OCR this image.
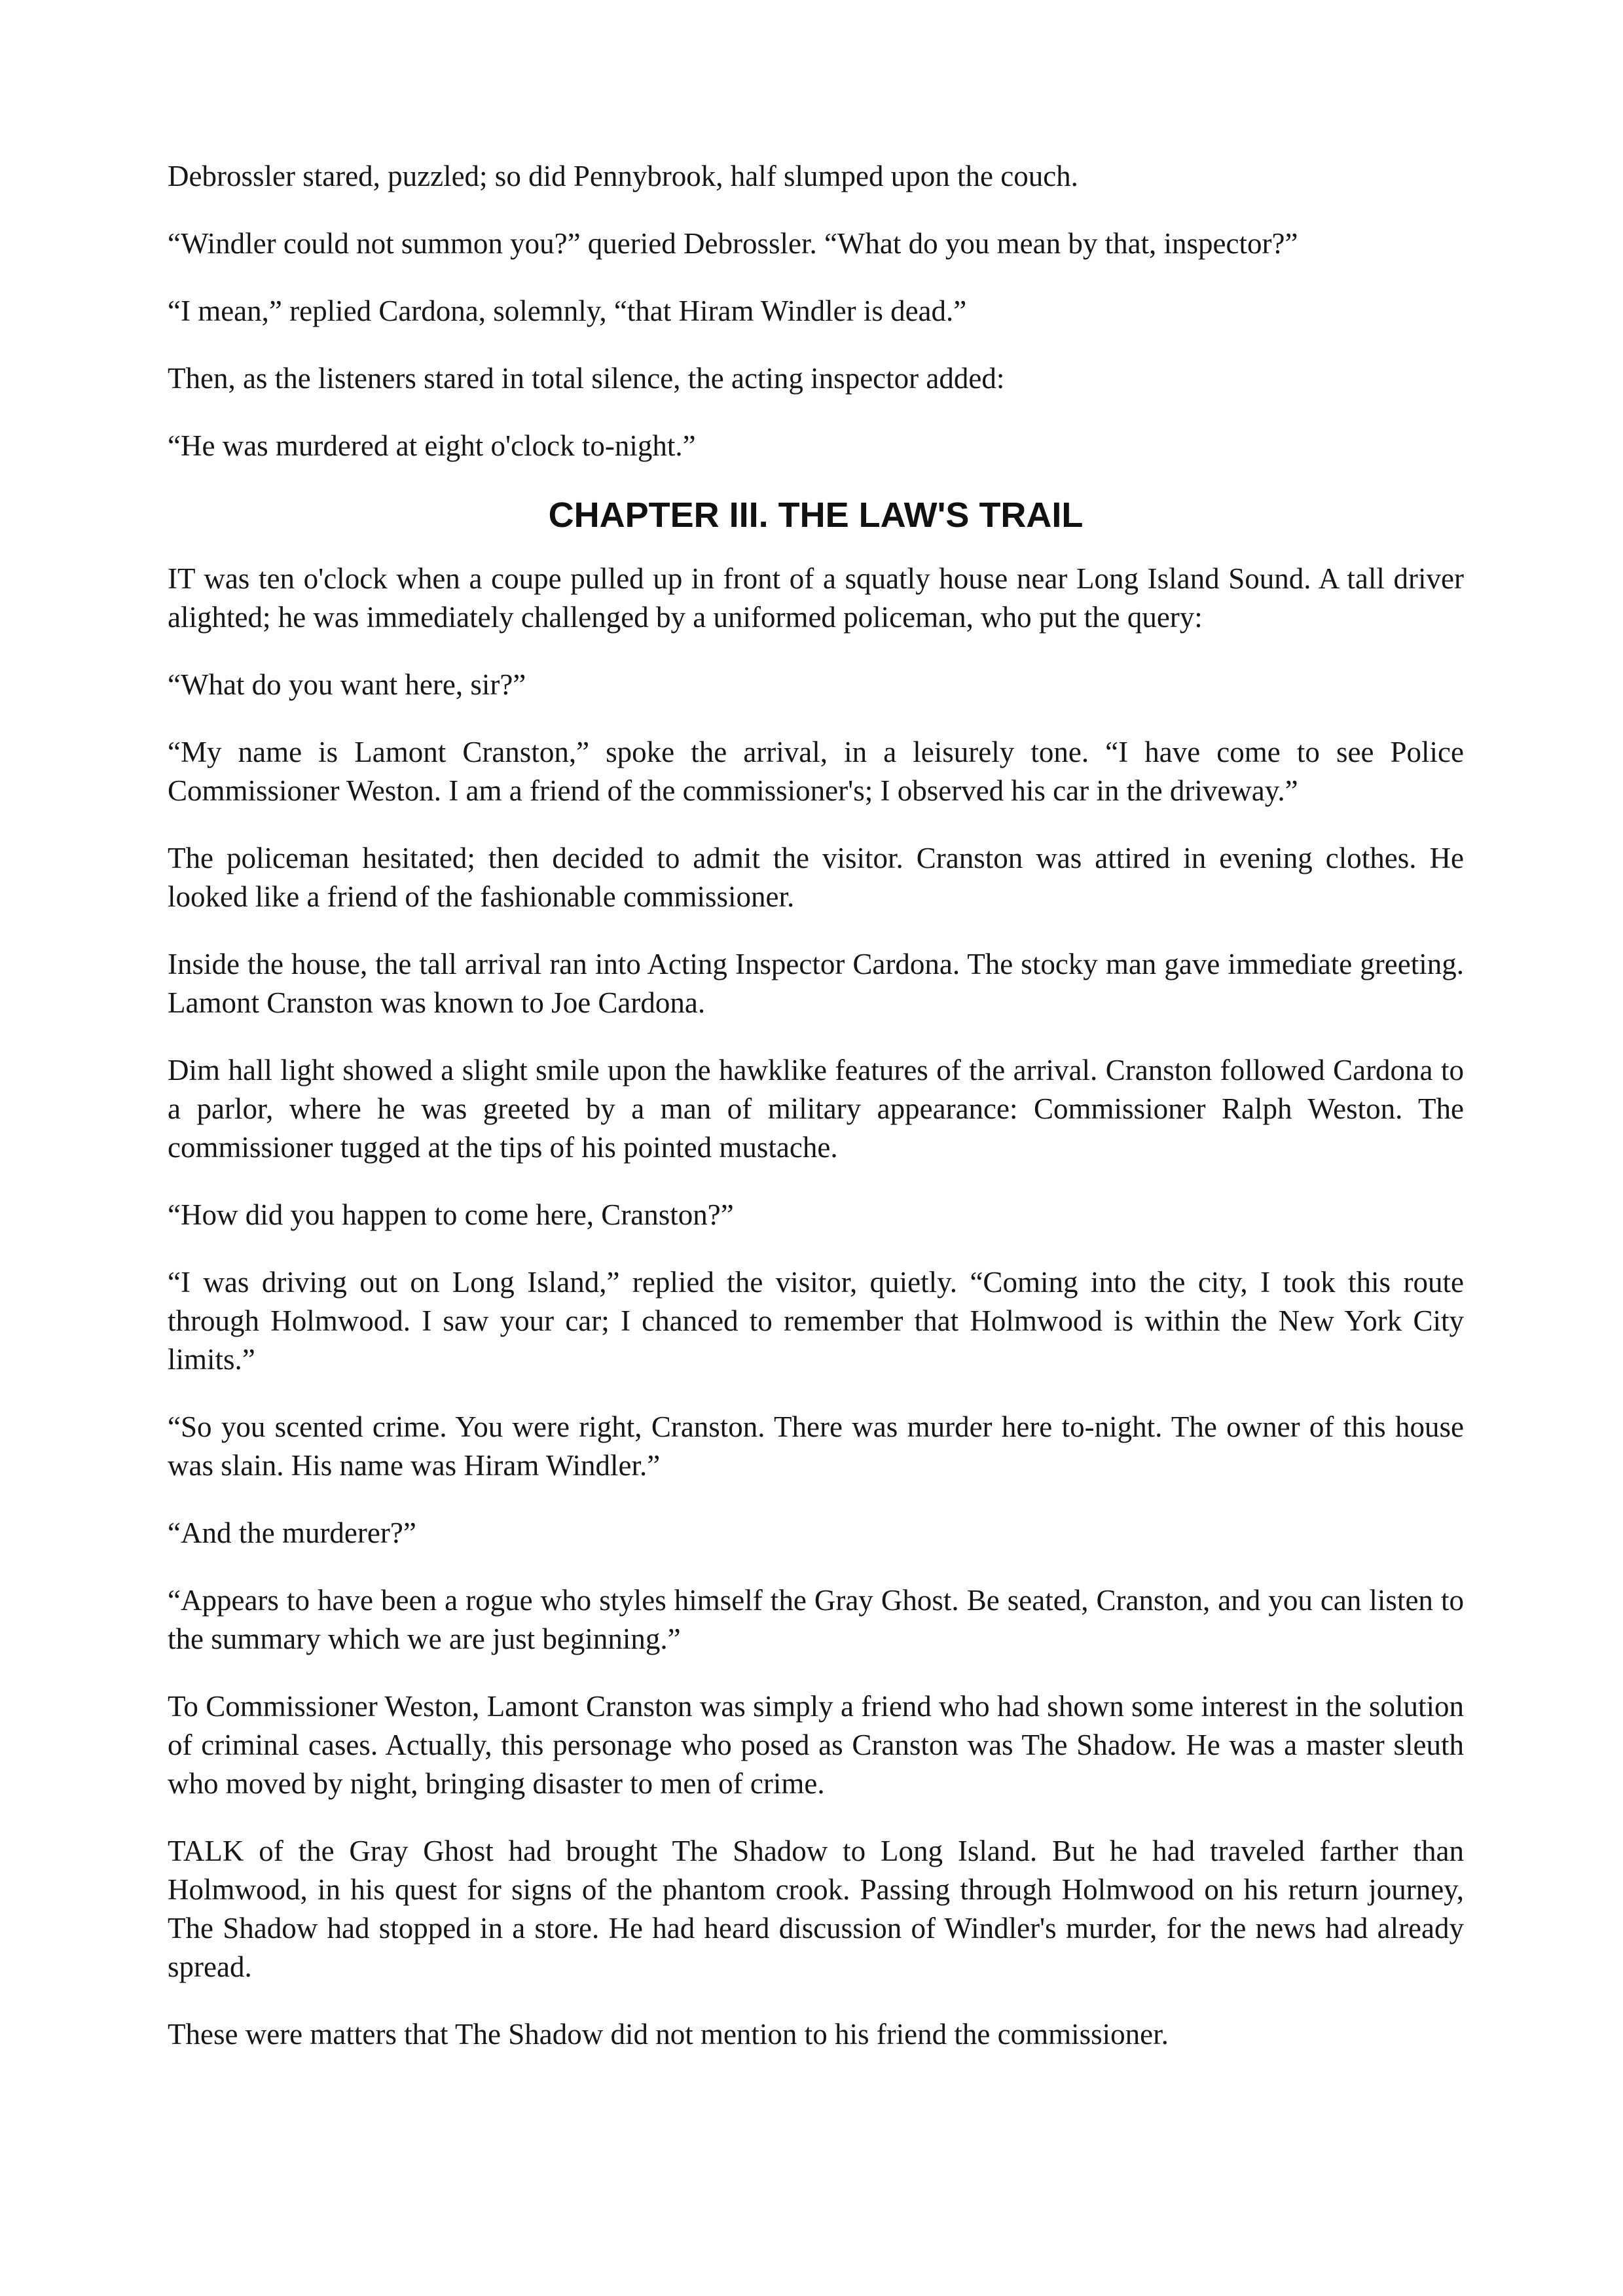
Debrossler stared, puzzled; so did Pennybrook, half slumped upon the couch.

“Windler could not summon you?” queried Debrossler. “What do you mean by that, inspector?”

“I mean,” replied Cardona, solemnly, “that Hiram Windler is dead.”

Then, as the listeners stared in total silence, the acting inspector added:

“He was murdered at eight o'clock to-night.”

CHAPTER III. THE LAW'S TRAIL

IT was ten o'clock when a coupe pulled up in front of a squatly house near Long Island Sound. A tall driver alighted; he was immediately challenged by a uniformed policeman, who put the query:

“What do you want here, sir?”

“My name is Lamont Cranston,” spoke the arrival, in a leisurely tone. “I have come to see Police Commissioner Weston. I am a friend of the commissioner's; I observed his car in the driveway.”

The policeman hesitated; then decided to admit the visitor. Cranston was attired in evening clothes. He looked like a friend of the fashionable commissioner.

Inside the house, the tall arrival ran into Acting Inspector Cardona. The stocky man gave immediate greeting. Lamont Cranston was known to Joe Cardona.

Dim hall light showed a slight smile upon the hawklike features of the arrival. Cranston followed Cardona to a parlor, where he was greeted by a man of military appearance: Commissioner Ralph Weston. The commissioner tugged at the tips of his pointed mustache.

“How did you happen to come here, Cranston?”

“I was driving out on Long Island,” replied the visitor, quietly. “Coming into the city, I took this route through Holmwood. I saw your car; I chanced to remember that Holmwood is within the New York City limits.”

“So you scented crime. You were right, Cranston. There was murder here to-night. The owner of this house was slain. His name was Hiram Windler.”

“And the murderer?”

“Appears to have been a rogue who styles himself the Gray Ghost. Be seated, Cranston, and you can listen to the summary which we are just beginning.”

To Commissioner Weston, Lamont Cranston was simply a friend who had shown some interest in the solution of criminal cases. Actually, this personage who posed as Cranston was The Shadow. He was a master sleuth who moved by night, bringing disaster to men of crime.

TALK of the Gray Ghost had brought The Shadow to Long Island. But he had traveled farther than Holmwood, in his quest for signs of the phantom crook. Passing through Holmwood on his return journey, The Shadow had stopped in a store. He had heard discussion of Windler's murder, for the news had already spread.

These were matters that The Shadow did not mention to his friend the commissioner.
